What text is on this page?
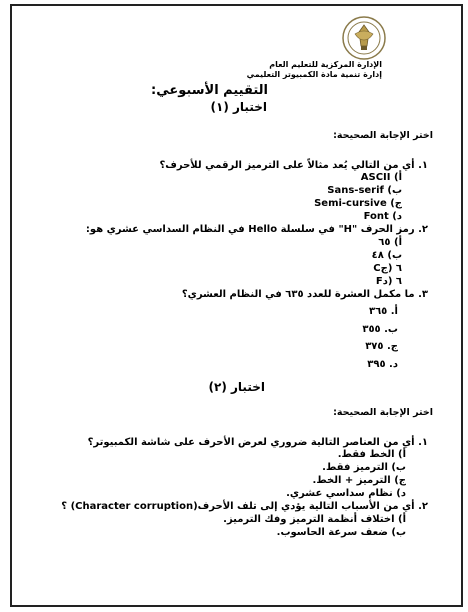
الإدارة المركزية للتعليم العام
إدارة تنمية مادة الكمبيوتر التعليمي
التقييم الأسبوعي:
اختبار (١)
اختر الإجابة الصحيحة:
١. أي من التالي يُعد مثالاً على الترميز الرقمي للأحرف؟
ASCII (أ
Sans-serif (ب
Semi-cursive (ج
Font (د
٢. رمز الحرف "H" في سلسلة Hello في النظام السداسي عشري هو:
أ) ٦٥
ب) ٤٨
C٦ (ج
F٦ (د
٣. ما مكمل العشرة للعدد ٦٣٥ في النظام العشري؟
أ. ٣٦٥
ب. ٣٥٥
ج. ٣٧٥
د. ٣٩٥
اختبار (٢)
اختر الإجابة الصحيحة:
١. أي من العناصر التالية ضروري لعرض الأحرف على شاشة الكمبيوتر؟
أ) الخط فقط.
ب) الترميز فقط.
ج) الترميز + الخط.
د) نظام سداسي عشري.
٢. أي من الأسباب التالية يؤدي إلى تلف الأحرف(Character corruption) ؟
أ) اختلاف أنظمة الترميز وفك الترميز.
ب) ضعف سرعة الحاسوب.
